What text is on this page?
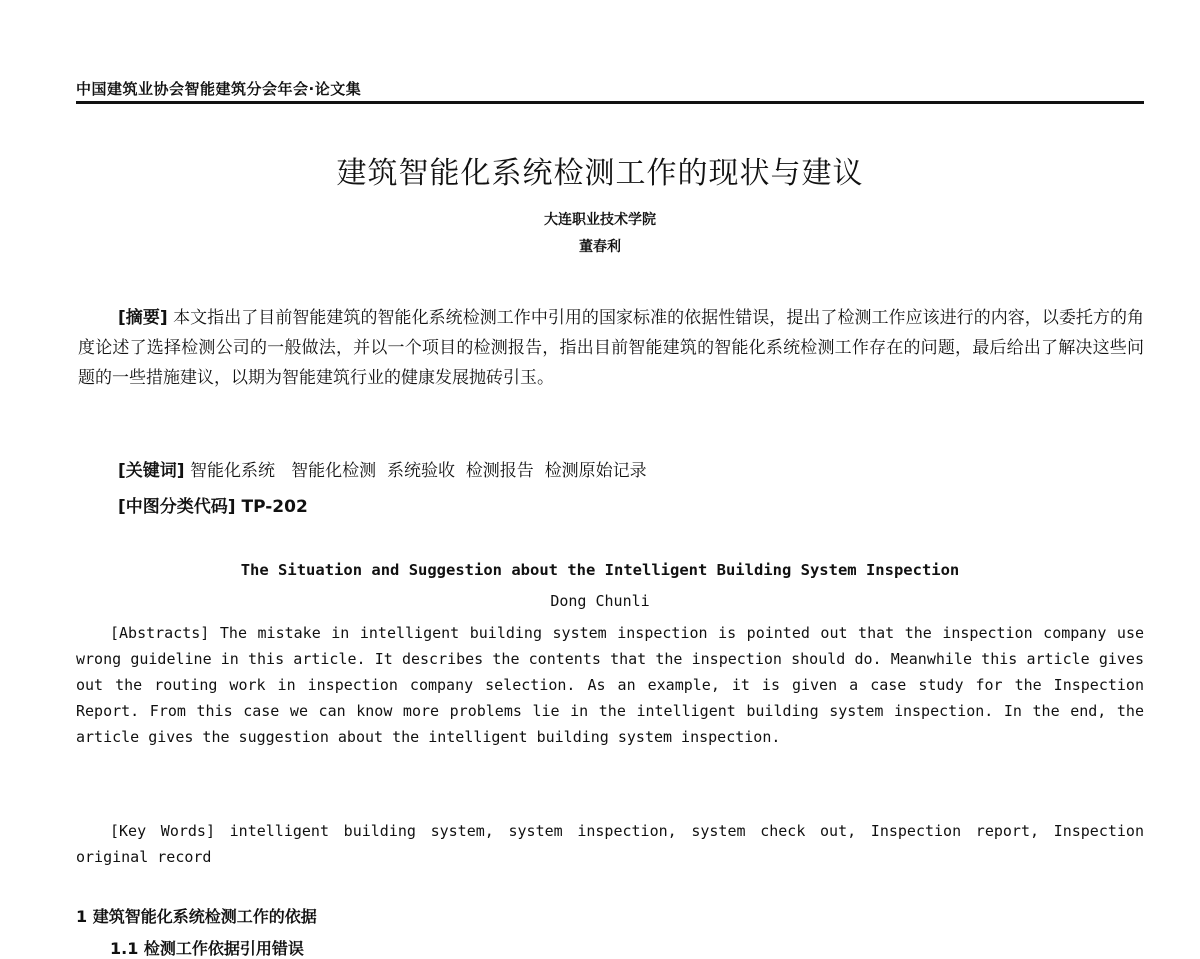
中国建筑业协会智能建筑分会年会·论文集
建筑智能化系统检测工作的现状与建议
大连职业技术学院
董春利

[摘要] 本文指出了目前智能建筑的智能化系统检测工作中引用的国家标准的依据性错误，提出了检测工作应该进行的内容，以委托方的角度论述了选择检测公司的一般做法，并以一个项目的检测报告，指出目前智能建筑的智能化系统检测工作存在的问题，最后给出了解决这些问题的一些措施建议，以期为智能建筑行业的健康发展抛砖引玉。

[关键词] 智能化系统   智能化检测  系统验收  检测报告  检测原始记录
[中图分类代码] TP-202
The Situation and Suggestion about the Intelligent Building System Inspection
Dong Chunli

[Abstracts] The mistake in intelligent building system inspection is pointed out that the inspection company use wrong guideline in this article. It describes the contents that the inspection should do. Meanwhile this article gives out the routing work in inspection company selection. As an example, it is given a case study for the Inspection Report. From this case we can know more problems lie in the intelligent building system inspection. In the end, the article gives the suggestion about the intelligent building system inspection.

[Key Words] intelligent building system, system inspection, system check out, Inspection report, Inspection original record

1 建筑智能化系统检测工作的依据
1.1 检测工作依据引用错误
